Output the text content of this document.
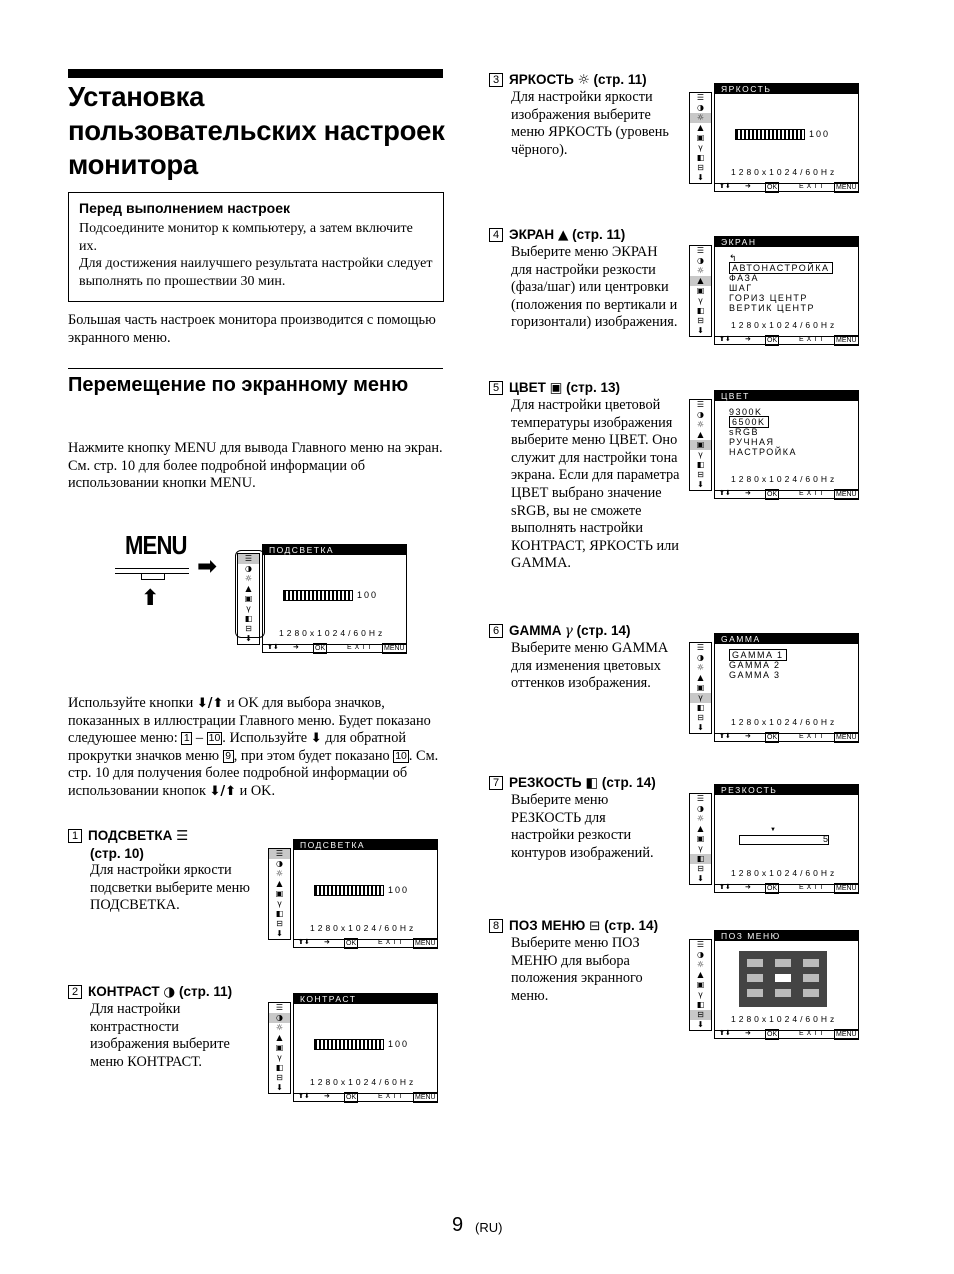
Установка пользовательских настроек монитора
Перед выполнением настроек
Подсоедините монитор к компьютеру, а затем включите их.
Для достижения наилучшего результата настройки следует выполнять по прошествии 30 мин.

Большая часть настроек монитора производится с помощью экранного меню.

Перемещение по экранному меню

Нажмите кнопку MENU для вывода Главного меню на экран. См. стр. 10 для более подробной информации об использовании кнопки MENU.

MENU
⬆
➡	☰
◑
☼
▲
▣
γ
◧
⊟
⬇
ПОДСВЕТКА
100
1280x1024/60Hz
⬆⬇ ➜ OK	EXIT MENU

Используйте кнопки ⬇/⬆ и OK для выбора значков, показанных в иллюстрации Главного меню. Будет показано следуюшее меню: 1 – 10 . Используйте ⬇ для обратной прокрутки значков меню 9 , при этом будет показано 10 . См. стр. 10 для получения более подробной информации об использовании кнопок ⬇/⬆ и OK.

1 ПОДСВЕТКА ☰
(стр. 10)
Для настройки яркости подсветки выберите меню ПОДСВЕТКА.
2 КОНТРАСТ ◑ (стр. 11)
Для настройки контрастности изображения выберите меню КОНТРАСТ.
3 ЯРКОСТЬ ☼ (стр. 11)
Для настройки яркости изображения выберите меню ЯРКОСТЬ (уровень чёрного).
4 ЭКРАН ▲ (стр. 11)
Выберите меню ЭКРАН для настройки резкости (фаза/шаг) или центровки (положения по вертикали и горизонтали) изображения.
5 ЦВЕТ ▣ (стр. 13)
Для настройки цветовой температуры изображения выберите меню ЦВЕТ. Оно служит для настройки тона экрана. Если для параметра ЦВЕТ выбрано значение sRGB, вы не сможете выполнять настройки КОНТРАСТ, ЯРКОСТЬ или GAMMA.
6 GAMMA γ (стр. 14)
Выберите меню GAMMA для изменения цветовых оттенков изображения.
7 РЕЗКОСТЬ ◧ (стр. 14)
Выберите меню РЕЗКОСТЬ для настройки резкости контуров изображений.
8 ПОЗ МЕНЮ ⊟ (стр. 14)
Выберите меню ПОЗ МЕНЮ для выбора положения экранного меню.
☰
◑
☼
▲
▣
γ
◧
⊟
⬇
ПОДСВЕТКА
100
1280x1024/60Hz
⬆⬇ ➜ OK	EXIT MENU
☰
◑
☼
▲
▣
γ
◧
⊟
⬇
КОНТРАСТ
100
1280x1024/60Hz
⬆⬇ ➜ OK	EXIT MENU
☰
◑
☼
▲
▣
γ
◧
⊟
⬇
ЯРКОСТЬ
100
1280x1024/60Hz
⬆⬇ ➜ OK	EXIT MENU
☰
◑
☼
▲
▣
γ
◧
⊟
⬇
ЭКРАН
↰
АВТОНАСТРОЙКА
ФАЗА
ШАГ
ГОРИЗ ЦЕНТР
ВЕРТИК ЦЕНТР
1280x1024/60Hz
⬆⬇ ➜ OK	EXIT MENU
☰
◑
☼
▲
▣
γ
◧
⊟
⬇
ЦВЕТ
9300K
6500K
sRGB
РУЧНАЯ
НАСТРОЙКА
1280x1024/60Hz
⬆⬇ ➜ OK	EXIT MENU
☰
◑
☼
▲
▣
γ
◧
⊟
⬇
GAMMA
GAMMA 1
GAMMA 2
GAMMA 3
1280x1024/60Hz
⬆⬇ ➜ OK	EXIT MENU
☰
◑
☼
▲
▣
γ
◧
⊟
⬇
РЕЗКОСТЬ
▼
5
1280x1024/60Hz
⬆⬇ ➜ OK	EXIT MENU
☰
◑
☼
▲
▣
γ
◧
⊟
⬇
ПОЗ МЕНЮ
1280x1024/60Hz
⬆⬇ ➜ OK	EXIT MENU
9 (RU)
